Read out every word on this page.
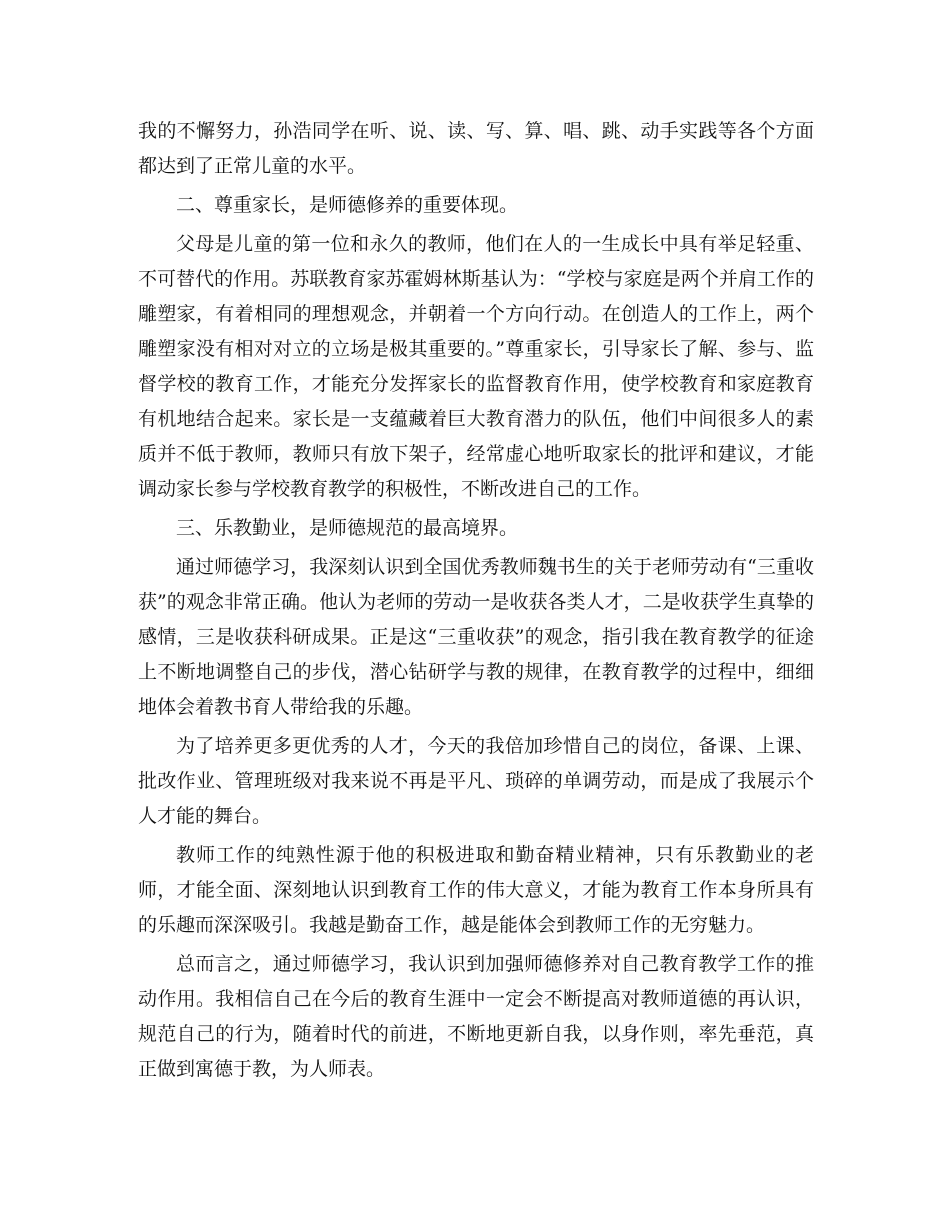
我的不懈努力，孙浩同学在听、说、读、写、算、唱、跳、动手实践等各个方面都达到了正常儿童的水平。

二、尊重家长，是师德修养的重要体现。

父母是儿童的第一位和永久的教师，他们在人的一生成长中具有举足轻重、不可替代的作用。苏联教育家苏霍姆林斯基认为：“学校与家庭是两个并肩工作的雕塑家，有着相同的理想观念，并朝着一个方向行动。在创造人的工作上，两个雕塑家没有相对对立的立场是极其重要的。”尊重家长，引导家长了解、参与、监督学校的教育工作，才能充分发挥家长的监督教育作用，使学校教育和家庭教育有机地结合起来。家长是一支蕴藏着巨大教育潜力的队伍，他们中间很多人的素质并不低于教师，教师只有放下架子，经常虚心地听取家长的批评和建议，才能调动家长参与学校教育教学的积极性，不断改进自己的工作。

三、乐教勤业，是师德规范的最高境界。

通过师德学习，我深刻认识到全国优秀教师魏书生的关于老师劳动有“三重收获”的观念非常正确。他认为老师的劳动一是收获各类人才，二是收获学生真挚的感情，三是收获科研成果。正是这“三重收获”的观念，指引我在教育教学的征途上不断地调整自己的步伐，潜心钻研学与教的规律，在教育教学的过程中，细细地体会着教书育人带给我的乐趣。

为了培养更多更优秀的人才，今天的我倍加珍惜自己的岗位，备课、上课、批改作业、管理班级对我来说不再是平凡、琐碎的单调劳动，而是成了我展示个人才能的舞台。

教师工作的纯熟性源于他的积极进取和勤奋精业精神，只有乐教勤业的老师，才能全面、深刻地认识到教育工作的伟大意义，才能为教育工作本身所具有的乐趣而深深吸引。我越是勤奋工作，越是能体会到教师工作的无穷魅力。

总而言之，通过师德学习，我认识到加强师德修养对自己教育教学工作的推动作用。我相信自己在今后的教育生涯中一定会不断提高对教师道德的再认识，规范自己的行为，随着时代的前进，不断地更新自我，以身作则，率先垂范，真正做到寓德于教，为人师表。
